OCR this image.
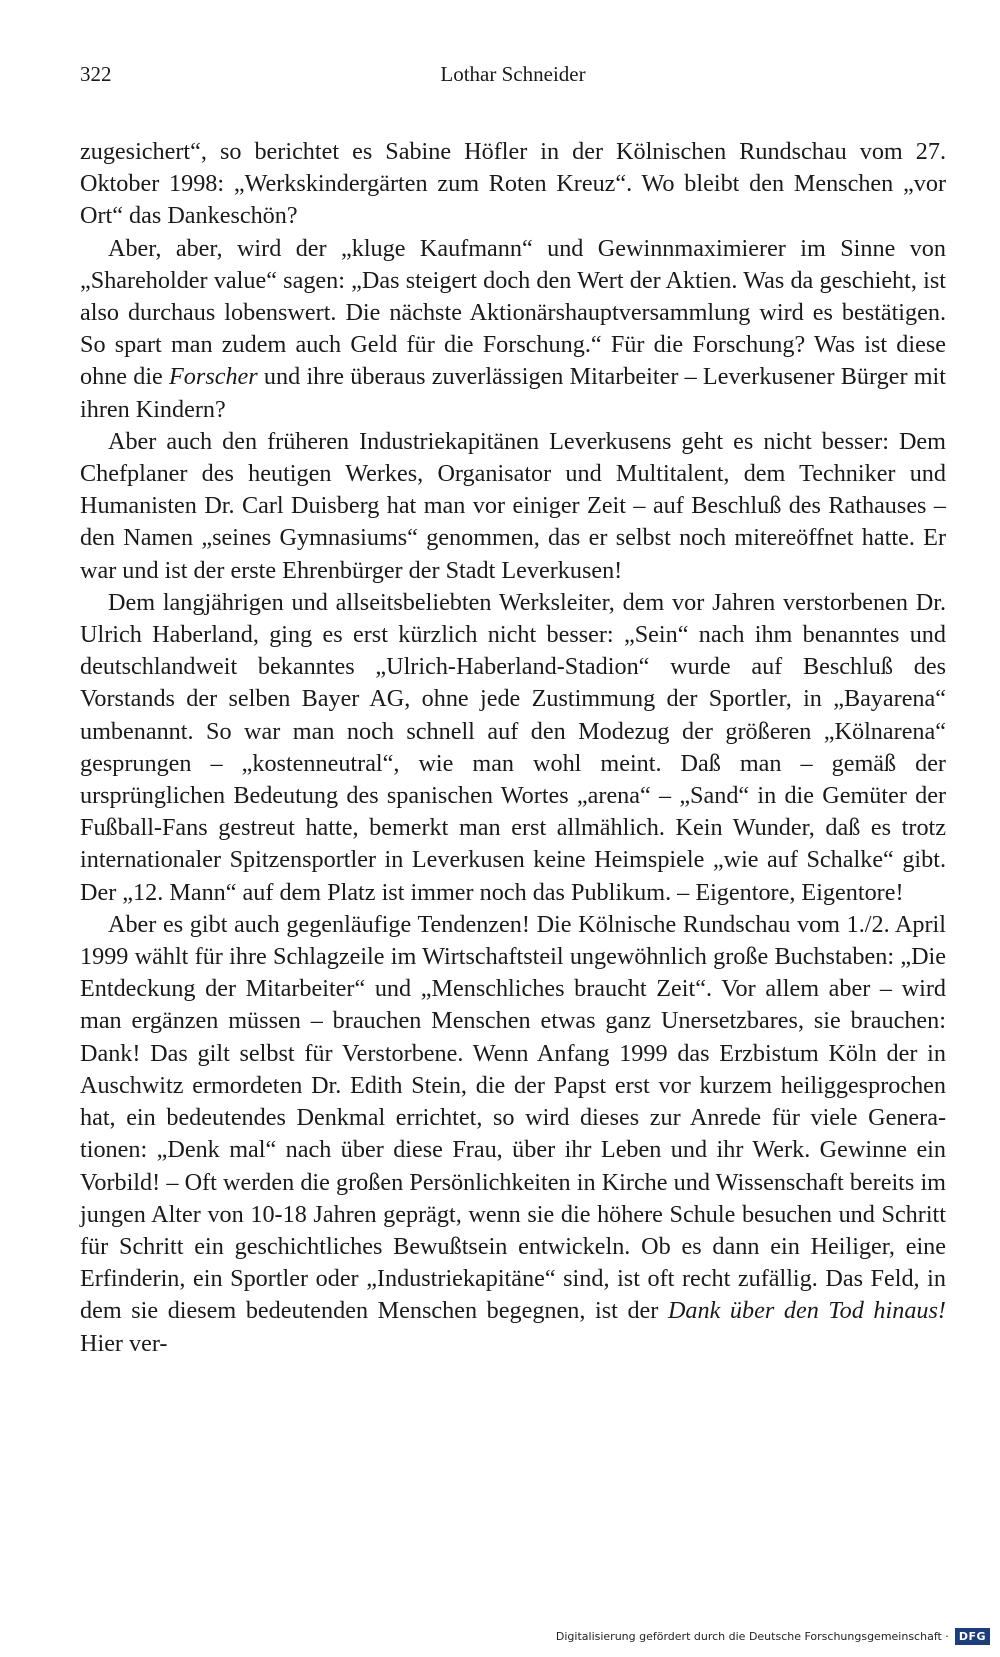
322	Lothar Schneider

zugesichert“, so berichtet es Sabine Höfler in der Kölnischen Rundschau vom 27. Oktober 1998: „Werkskindergärten zum Roten Kreuz“. Wo bleibt den Menschen „vor Ort“ das Dankeschön?

Aber, aber, wird der „kluge Kaufmann“ und Gewinnmaximierer im Sinne von „Shareholder value“ sagen: „Das steigert doch den Wert der Aktien. Was da geschieht, ist also durchaus lobenswert. Die nächste Aktionärshauptversammlung wird es bestätigen. So spart man zudem auch Geld für die Forschung.“ Für die Forschung? Was ist diese ohne die Forscher und ihre überaus zuverlässigen Mitarbeiter – Leverkusener Bürger mit ihren Kindern?

Aber auch den früheren Industriekapitänen Leverkusens geht es nicht besser: Dem Chefplaner des heutigen Werkes, Organisator und Multitalent, dem Techniker und Humanisten Dr. Carl Duisberg hat man vor einiger Zeit – auf Beschluß des Rathauses – den Namen „seines Gymnasiums“ genommen, das er selbst noch mitereöffnet hatte. Er war und ist der erste Ehrenbürger der Stadt Leverkusen!

Dem langjährigen und allseitsbeliebten Werksleiter, dem vor Jahren verstorbenen Dr. Ulrich Haberland, ging es erst kürzlich nicht besser: „Sein“ nach ihm benanntes und deutschlandweit bekanntes „Ulrich-Haberland-Stadion“ wurde auf Beschluß des Vorstands der selben Bayer AG, ohne jede Zustimmung der Sportler, in „Bayarena“ umbenannt. So war man noch schnell auf den Modezug der größeren „Kölnarena“ gesprungen – „kostenneutral“, wie man wohl meint. Daß man – gemäß der ursprünglichen Bedeutung des spanischen Wortes „arena“ – „Sand“ in die Gemüter der Fußball-Fans gestreut hatte, bemerkt man erst allmählich. Kein Wunder, daß es trotz internationaler Spitzensportler in Leverkusen keine Heimspiele „wie auf Schalke“ gibt. Der „12. Mann“ auf dem Platz ist immer noch das Publikum. – Eigentore, Eigentore!

Aber es gibt auch gegenläufige Tendenzen! Die Kölnische Rundschau vom 1./2. April 1999 wählt für ihre Schlagzeile im Wirtschaftsteil ungewöhnlich große Buchstaben: „Die Entdeckung der Mitarbeiter“ und „Menschliches braucht Zeit“. Vor allem aber – wird man ergänzen müssen – brauchen Menschen etwas ganz Unersetzbares, sie brauchen: Dank! Das gilt selbst für Verstorbene. Wenn Anfang 1999 das Erzbistum Köln der in Auschwitz ermordeten Dr. Edith Stein, die der Papst erst vor kurzem heiliggesprochen hat, ein bedeutendes Denkmal errichtet, so wird dieses zur Anrede für viele Generationen: „Denk mal“ nach über diese Frau, über ihr Leben und ihr Werk. Gewinne ein Vorbild! – Oft werden die großen Persönlichkeiten in Kirche und Wissenschaft bereits im jungen Alter von 10-18 Jahren geprägt, wenn sie die höhere Schule besuchen und Schritt für Schritt ein geschichtliches Bewußtsein entwickeln. Ob es dann ein Heiliger, eine Erfinderin, ein Sportler oder „Industriekapitäne“ sind, ist oft recht zufällig. Das Feld, in dem sie diesem bedeutenden Menschen begegnen, ist der Dank über den Tod hinaus! Hier ver-

Digitalisierung gefördert durch die Deutsche Forschungsgemeinschaft · DFG
